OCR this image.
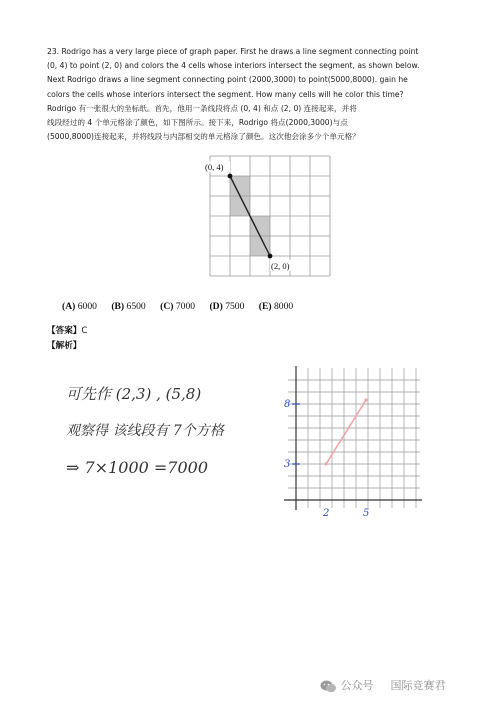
23. Rodrigo has a very large piece of graph paper. First he draws a line segment connecting point
(0, 4) to point (2, 0) and colors the 4 cells whose interiors intersect the segment, as shown below.
Next Rodrigo draws a line segment connecting point (2000,3000) to point(5000,8000). gain he
colors the cells whose interiors intersect the segment. How many cells will he color this time?
Rodrigo 有一张很大的坐标纸。首先，他用一条线段将点 (0, 4) 和点 (2, 0) 连接起来，并将
线段经过的 4 个单元格涂了颜色，如下图所示。接下来，Rodrigo 将点(2000,3000)与点
(5000,8000)连接起来，并将线段与内部相交的单元格涂了颜色。这次他会涂多少个单元格？
(0, 4)
(2, 0)
(A) 6000 (B) 6500 (C) 7000 (D) 7500 (E) 8000
【答案】C
【解析】
可先作 (2,3) , (5,8)
观察得 该线段有 7个方格
⇒ 7×1000 =7000
8
3
2	5
公众号 国际竞赛君
